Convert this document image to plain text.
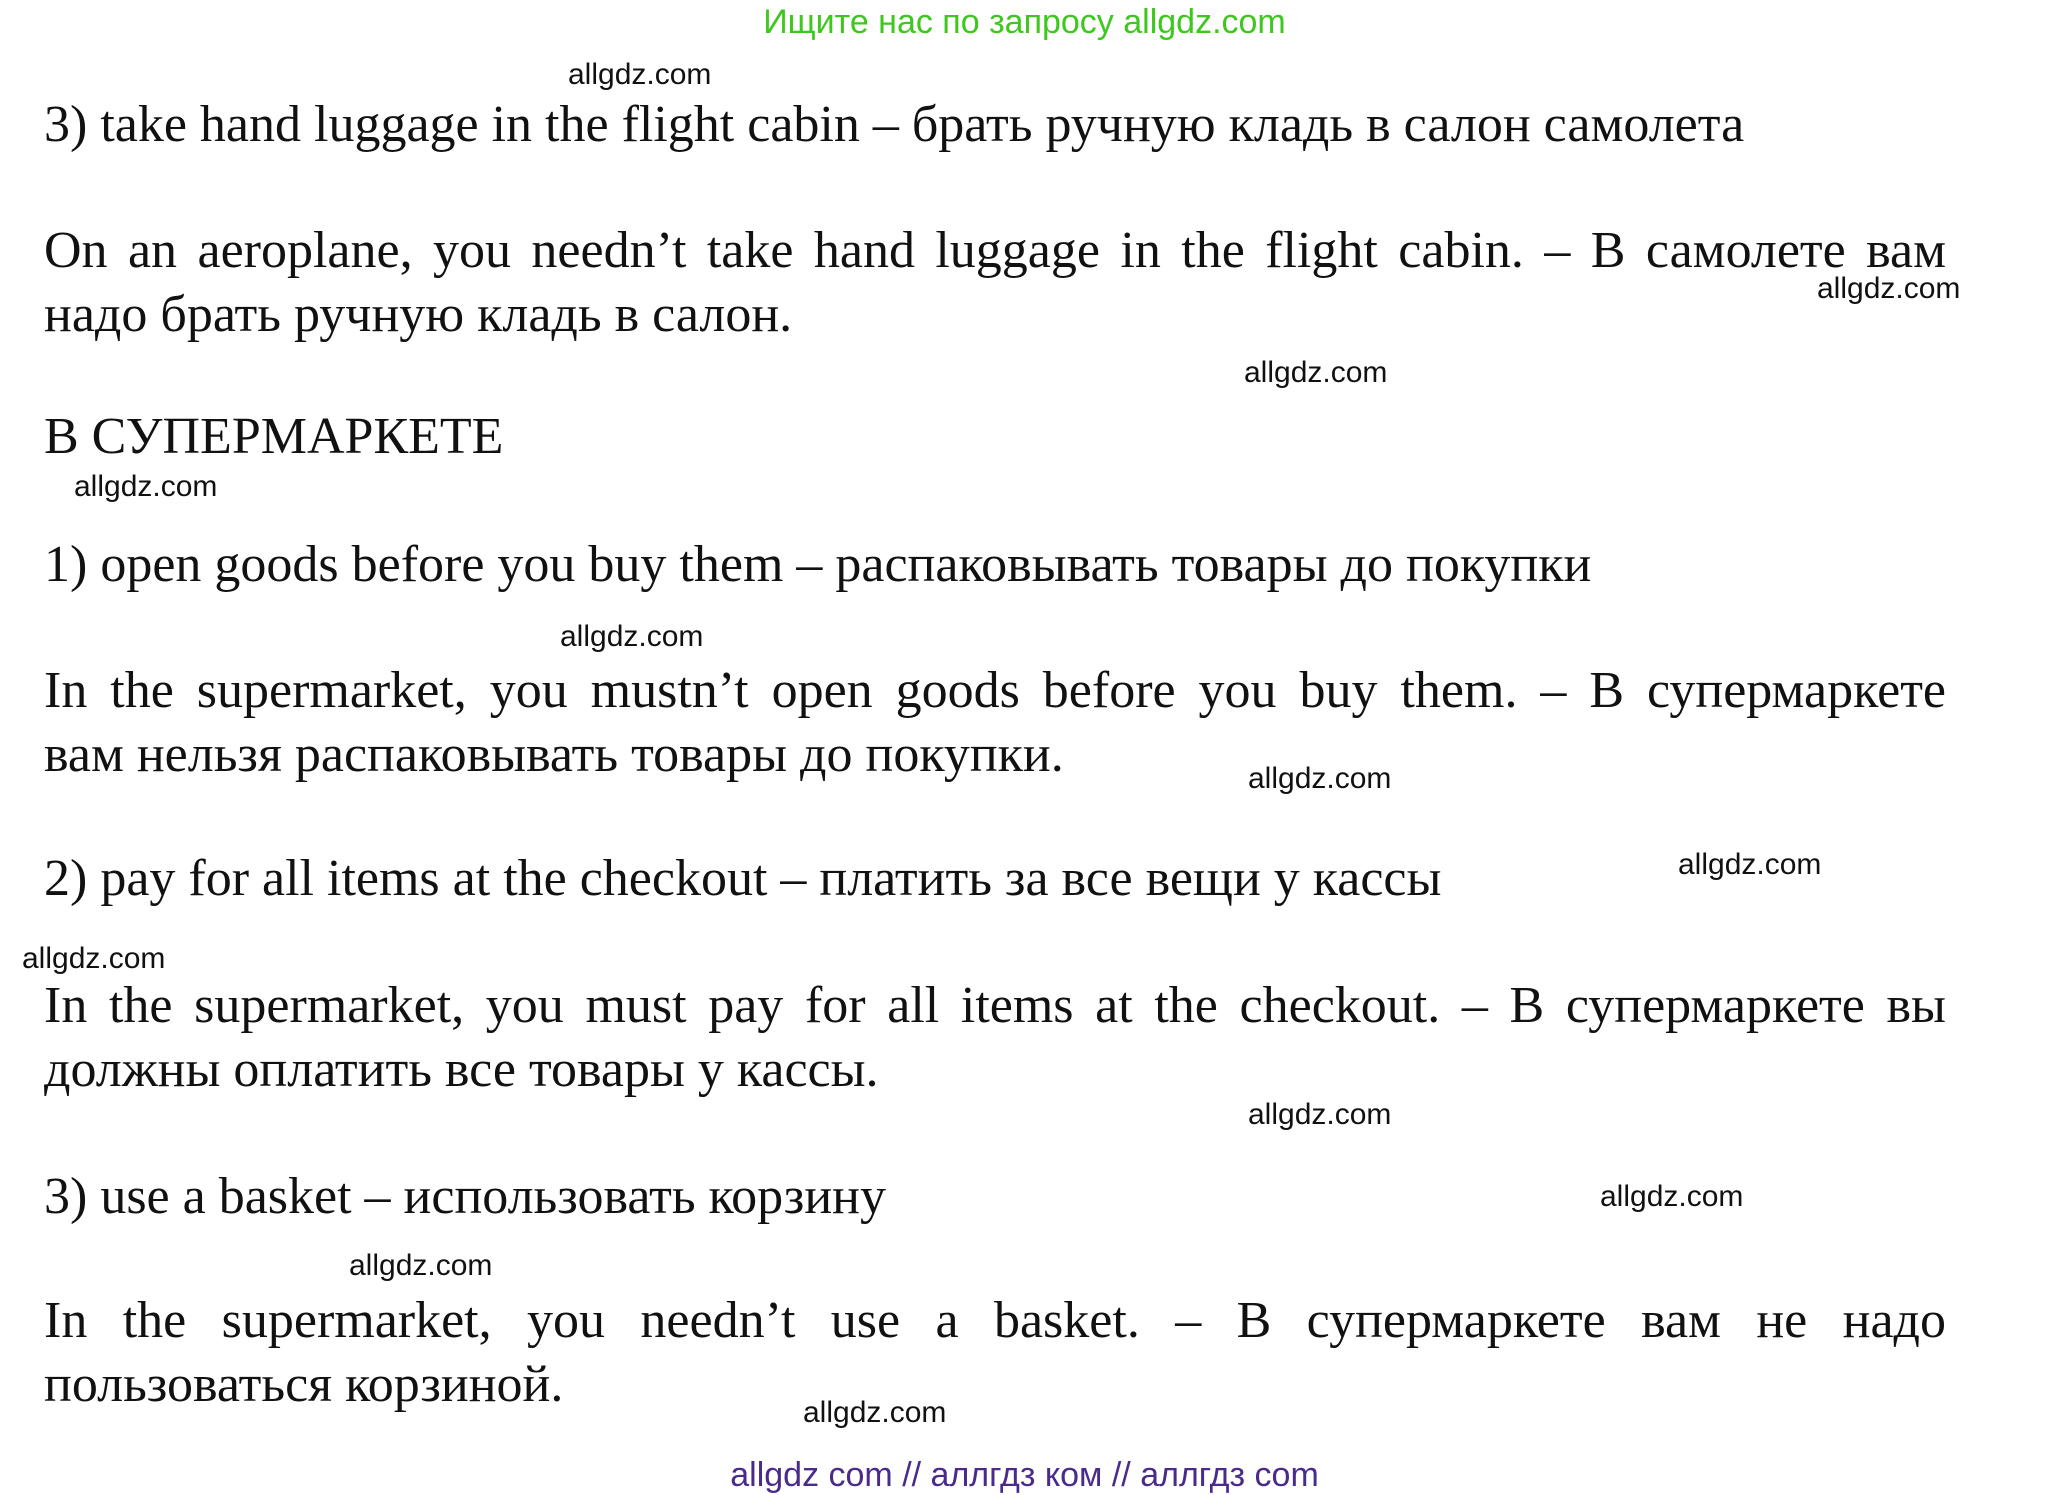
Ищите нас по запросу allgdz.com
3) take hand luggage in the flight cabin – брать ручную кладь в салон самолета
On an aeroplane, you needn’t take hand luggage in the flight cabin. – В самолете вам
надо брать ручную кладь в салон.
В СУПЕРМАРКЕТЕ
1) open goods before you buy them – распаковывать товары до покупки
In the supermarket, you mustn’t open goods before you buy them. – В супермаркете
вам нельзя распаковывать товары до покупки.
2) pay for all items at the checkout – платить за все вещи у кассы
In the supermarket, you must pay for all items at the checkout. – В супермаркете вы
должны оплатить все товары у кассы.
3) use a basket – использовать корзину
In the supermarket, you needn’t use a basket. – В супермаркете вам не надо
пользоваться корзиной.
allgdz.com
allgdz.com
allgdz.com
allgdz.com
allgdz.com
allgdz.com
allgdz.com
allgdz.com
allgdz.com
allgdz.com
allgdz.com
allgdz.com
allgdz com // аллгдз ком // аллгдз com
